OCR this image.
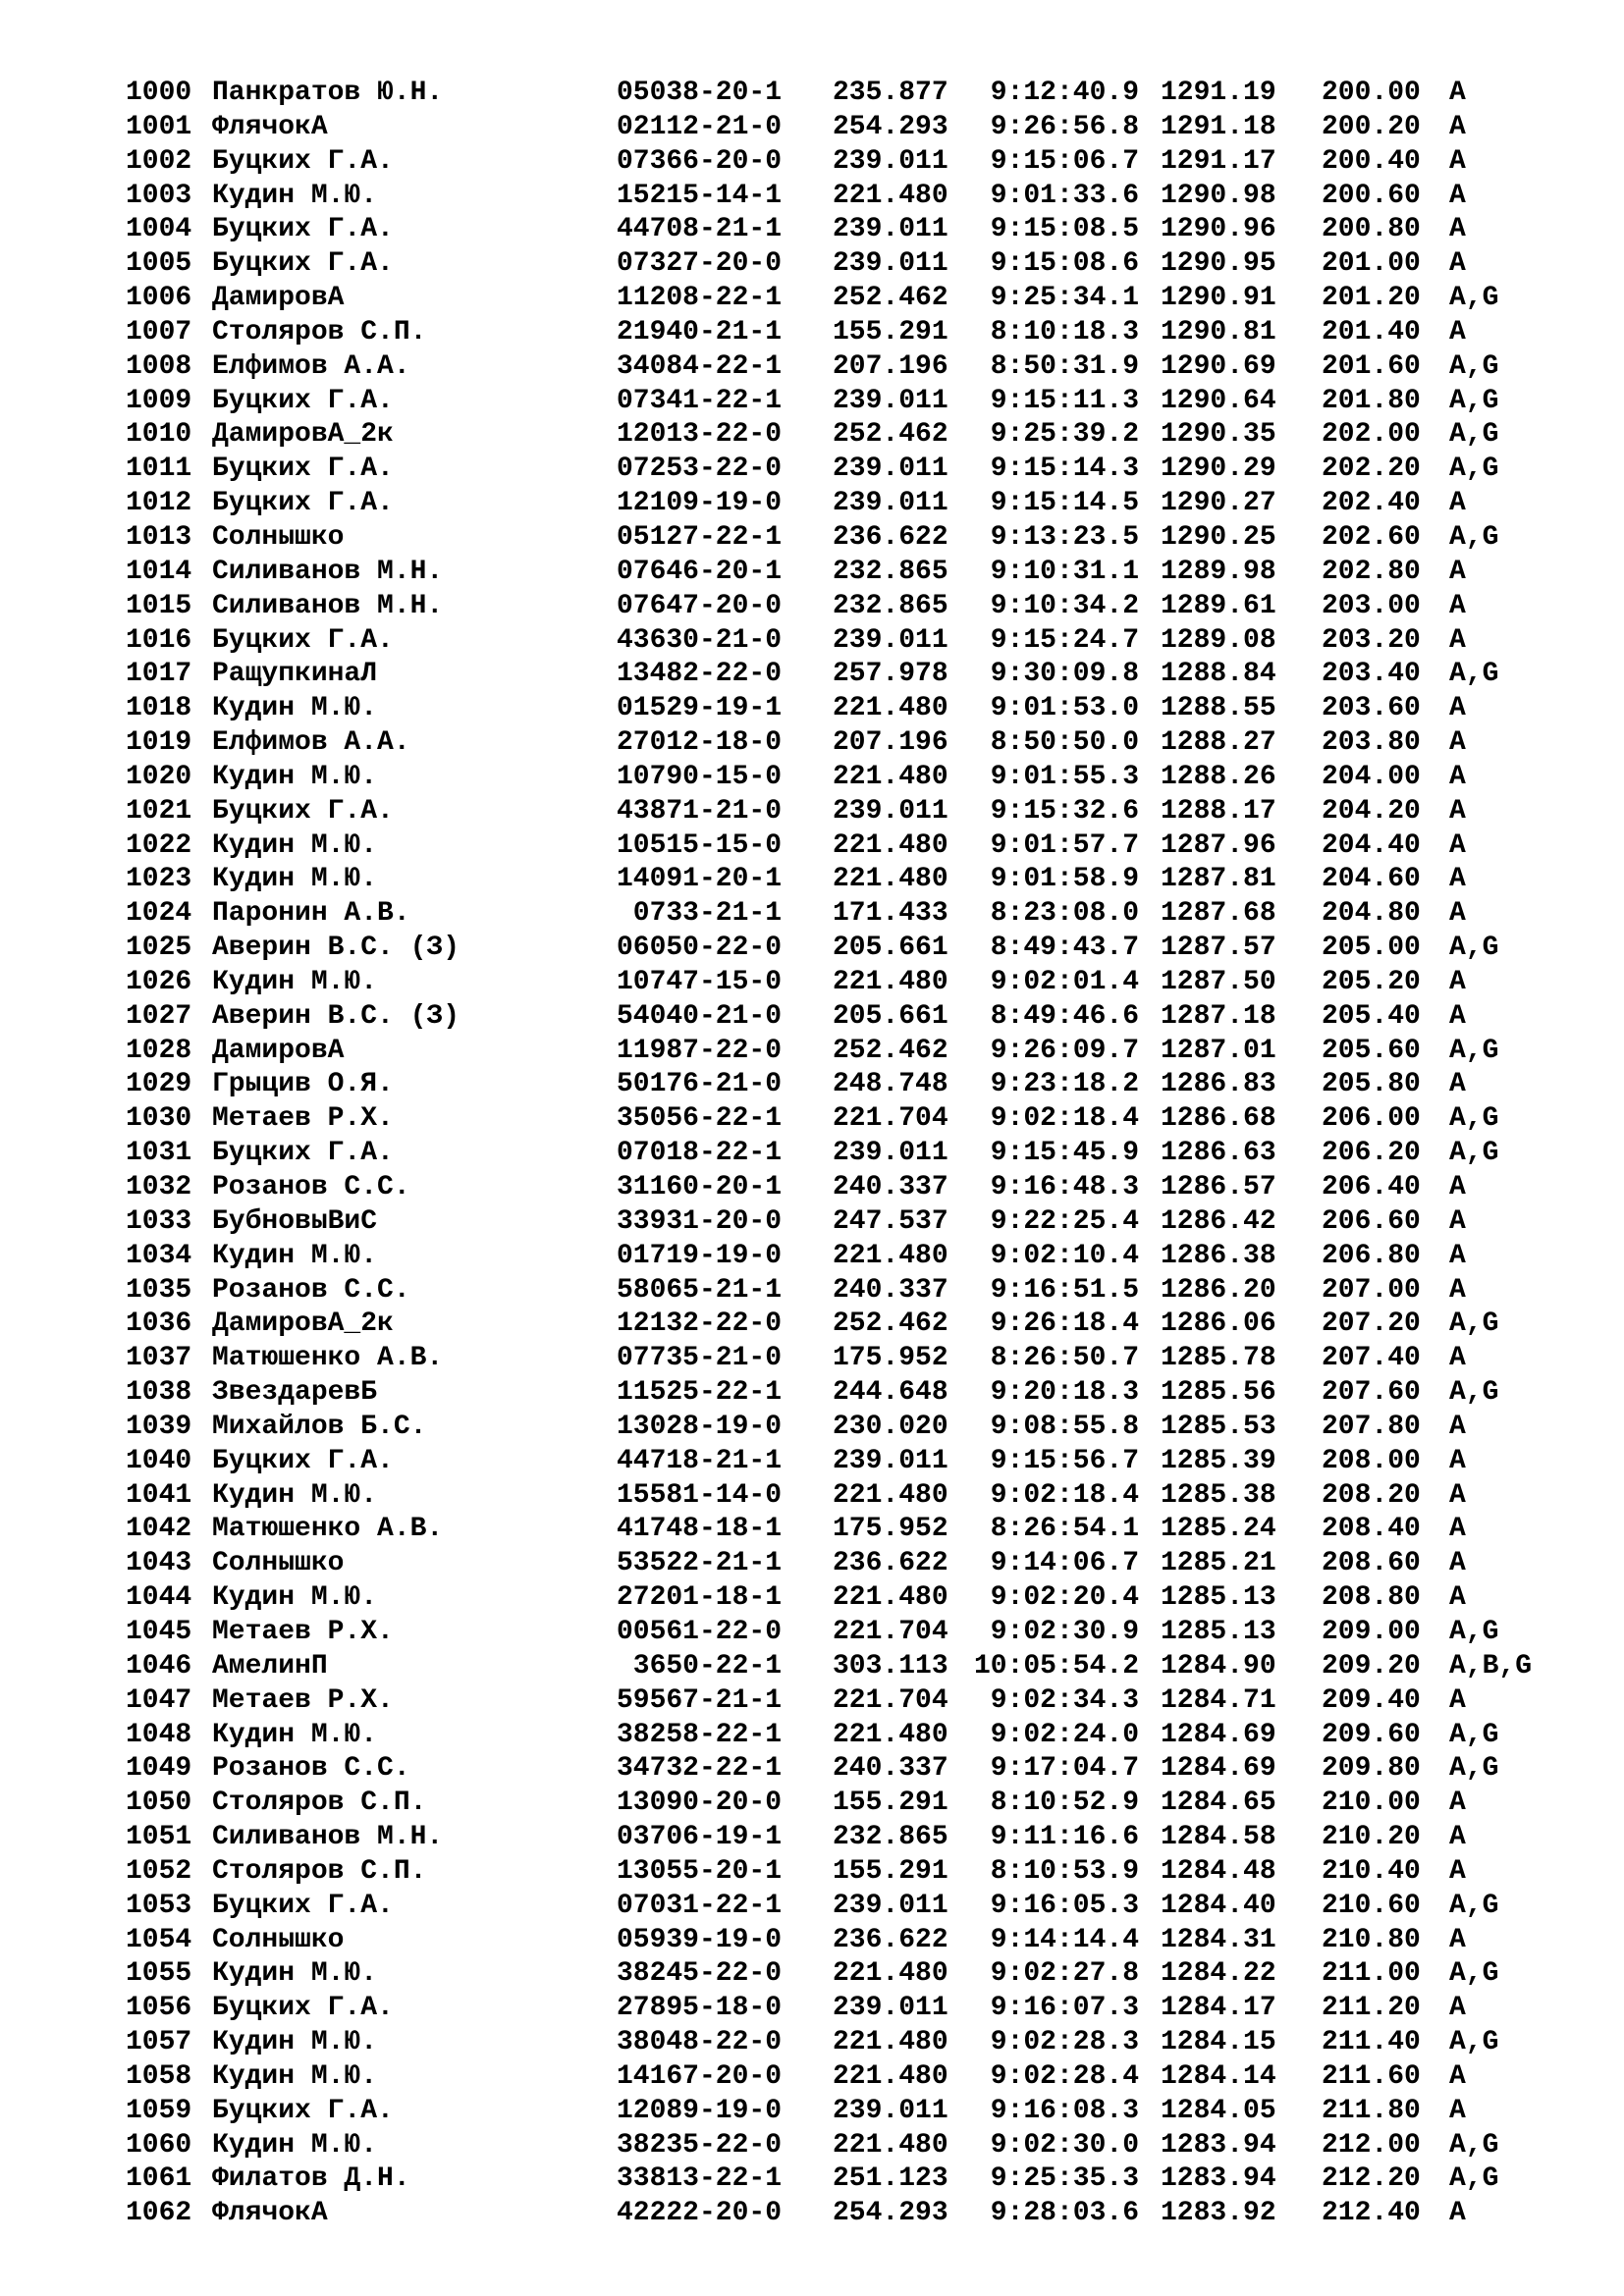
1000 Панкратов Ю.Н.	05038-20-1 235.877	9:12:40.9 1291.19 200.00 A
1001 ФлячокА	02112-21-0 254.293	9:26:56.8 1291.18 200.20 A
1002 Буцких Г.А.	07366-20-0 239.011	9:15:06.7 1291.17 200.40 A
1003 Кудин М.Ю.	15215-14-1 221.480	9:01:33.6 1290.98 200.60 A
1004 Буцких Г.А.	44708-21-1 239.011	9:15:08.5 1290.96 200.80 A
1005 Буцких Г.А.	07327-20-0 239.011	9:15:08.6 1290.95 201.00 A
1006 ДамировА	11208-22-1 252.462	9:25:34.1 1290.91 201.20 A,G
1007 Столяров С.П.	21940-21-1 155.291	8:10:18.3 1290.81 201.40 A
1008 Елфимов А.А.	34084-22-1 207.196	8:50:31.9 1290.69 201.60 A,G
1009 Буцких Г.А.	07341-22-1 239.011	9:15:11.3 1290.64 201.80 A,G
1010 ДамировА_2к	12013-22-0 252.462	9:25:39.2 1290.35 202.00 A,G
1011 Буцких Г.А.	07253-22-0 239.011	9:15:14.3 1290.29 202.20 A,G
1012 Буцких Г.А.	12109-19-0 239.011	9:15:14.5 1290.27 202.40 A
1013 Солнышко	05127-22-1 236.622	9:13:23.5 1290.25 202.60 A,G
1014 Силиванов М.Н.	07646-20-1 232.865	9:10:31.1 1289.98 202.80 A
1015 Силиванов М.Н.	07647-20-0 232.865	9:10:34.2 1289.61 203.00 A
1016 Буцких Г.А.	43630-21-0 239.011	9:15:24.7 1289.08 203.20 A
1017 РащупкинаЛ	13482-22-0 257.978	9:30:09.8 1288.84 203.40 A,G
1018 Кудин М.Ю.	01529-19-1 221.480	9:01:53.0 1288.55 203.60 A
1019 Елфимов А.А.	27012-18-0 207.196	8:50:50.0 1288.27 203.80 A
1020 Кудин М.Ю.	10790-15-0 221.480	9:01:55.3 1288.26 204.00 A
1021 Буцких Г.А.	43871-21-0 239.011	9:15:32.6 1288.17 204.20 A
1022 Кудин М.Ю.	10515-15-0 221.480	9:01:57.7 1287.96 204.40 A
1023 Кудин М.Ю.	14091-20-1 221.480	9:01:58.9 1287.81 204.60 A
1024 Паронин А.В.	0733-21-1 171.433	8:23:08.0 1287.68 204.80 A
1025 Аверин В.С. (З)	06050-22-0 205.661	8:49:43.7 1287.57 205.00 A,G
1026 Кудин М.Ю.	10747-15-0 221.480	9:02:01.4 1287.50 205.20 A
1027 Аверин В.С. (З)	54040-21-0 205.661	8:49:46.6 1287.18 205.40 A
1028 ДамировА	11987-22-0 252.462	9:26:09.7 1287.01 205.60 A,G
1029 Грыцив О.Я.	50176-21-0 248.748	9:23:18.2 1286.83 205.80 A
1030 Метаев Р.Х.	35056-22-1 221.704	9:02:18.4 1286.68 206.00 A,G
1031 Буцких Г.А.	07018-22-1 239.011	9:15:45.9 1286.63 206.20 A,G
1032 Розанов С.С.	31160-20-1 240.337	9:16:48.3 1286.57 206.40 A
1033 БубновыВиС	33931-20-0 247.537	9:22:25.4 1286.42 206.60 A
1034 Кудин М.Ю.	01719-19-0 221.480	9:02:10.4 1286.38 206.80 A
1035 Розанов С.С.	58065-21-1 240.337	9:16:51.5 1286.20 207.00 A
1036 ДамировА_2к	12132-22-0 252.462	9:26:18.4 1286.06 207.20 A,G
1037 Матюшенко А.В.	07735-21-0 175.952	8:26:50.7 1285.78 207.40 A
1038 ЗвездаревБ	11525-22-1 244.648	9:20:18.3 1285.56 207.60 A,G
1039 Михайлов Б.С.	13028-19-0 230.020	9:08:55.8 1285.53 207.80 A
1040 Буцких Г.А.	44718-21-1 239.011	9:15:56.7 1285.39 208.00 A
1041 Кудин М.Ю.	15581-14-0 221.480	9:02:18.4 1285.38 208.20 A
1042 Матюшенко А.В.	41748-18-1 175.952	8:26:54.1 1285.24 208.40 A
1043 Солнышко	53522-21-1 236.622	9:14:06.7 1285.21 208.60 A
1044 Кудин М.Ю.	27201-18-1 221.480	9:02:20.4 1285.13 208.80 A
1045 Метаев Р.Х.	00561-22-0 221.704	9:02:30.9 1285.13 209.00 A,G
1046 АмелинП	3650-22-1 303.113 10:05:54.2 1284.90 209.20 A,B,G
1047 Метаев Р.Х.	59567-21-1 221.704	9:02:34.3 1284.71 209.40 A
1048 Кудин М.Ю.	38258-22-1 221.480	9:02:24.0 1284.69 209.60 A,G
1049 Розанов С.С.	34732-22-1 240.337	9:17:04.7 1284.69 209.80 A,G
1050 Столяров С.П.	13090-20-0 155.291	8:10:52.9 1284.65 210.00 A
1051 Силиванов М.Н.	03706-19-1 232.865	9:11:16.6 1284.58 210.20 A
1052 Столяров С.П.	13055-20-1 155.291	8:10:53.9 1284.48 210.40 A
1053 Буцких Г.А.	07031-22-1 239.011	9:16:05.3 1284.40 210.60 A,G
1054 Солнышко	05939-19-0 236.622	9:14:14.4 1284.31 210.80 A
1055 Кудин М.Ю.	38245-22-0 221.480	9:02:27.8 1284.22 211.00 A,G
1056 Буцких Г.А.	27895-18-0 239.011	9:16:07.3 1284.17 211.20 A
1057 Кудин М.Ю.	38048-22-0 221.480	9:02:28.3 1284.15 211.40 A,G
1058 Кудин М.Ю.	14167-20-0 221.480	9:02:28.4 1284.14 211.60 A
1059 Буцких Г.А.	12089-19-0 239.011	9:16:08.3 1284.05 211.80 A
1060 Кудин М.Ю.	38235-22-0 221.480	9:02:30.0 1283.94 212.00 A,G
1061 Филатов Д.Н.	33813-22-1 251.123	9:25:35.3 1283.94 212.20 A,G
1062 ФлячокА	42222-20-0 254.293	9:28:03.6 1283.92 212.40 A
